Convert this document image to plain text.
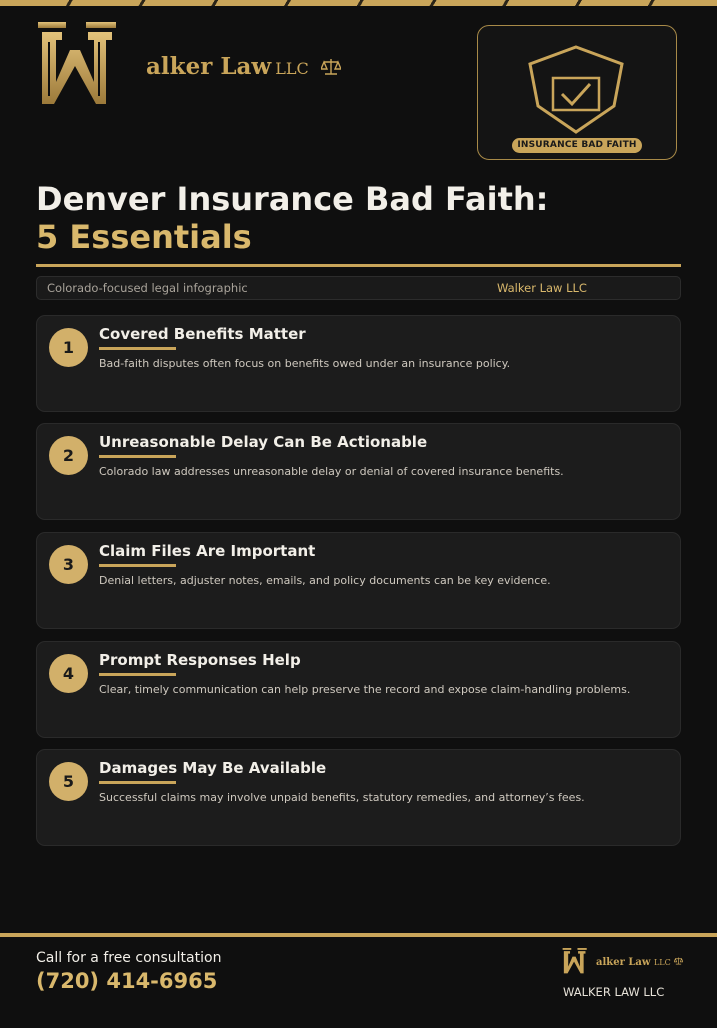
alker Law LLC
INSURANCE BAD FAITH
Denver Insurance Bad Faith:
5 Essentials
Colorado-focused legal infographic	Walker Law LLC
1
Covered Benefits Matter
Bad-faith disputes often focus on benefits owed under an insurance policy.
2
Unreasonable Delay Can Be Actionable
Colorado law addresses unreasonable delay or denial of covered insurance benefits.
3
Claim Files Are Important
Denial letters, adjuster notes, emails, and policy documents can be key evidence.
4
Prompt Responses Help
Clear, timely communication can help preserve the record and expose claim-handling problems.
5
Damages May Be Available
Successful claims may involve unpaid benefits, statutory remedies, and attorney’s fees.
Call for a free consultation
(720) 414-6965
alker Law LLC
WALKER LAW LLC
